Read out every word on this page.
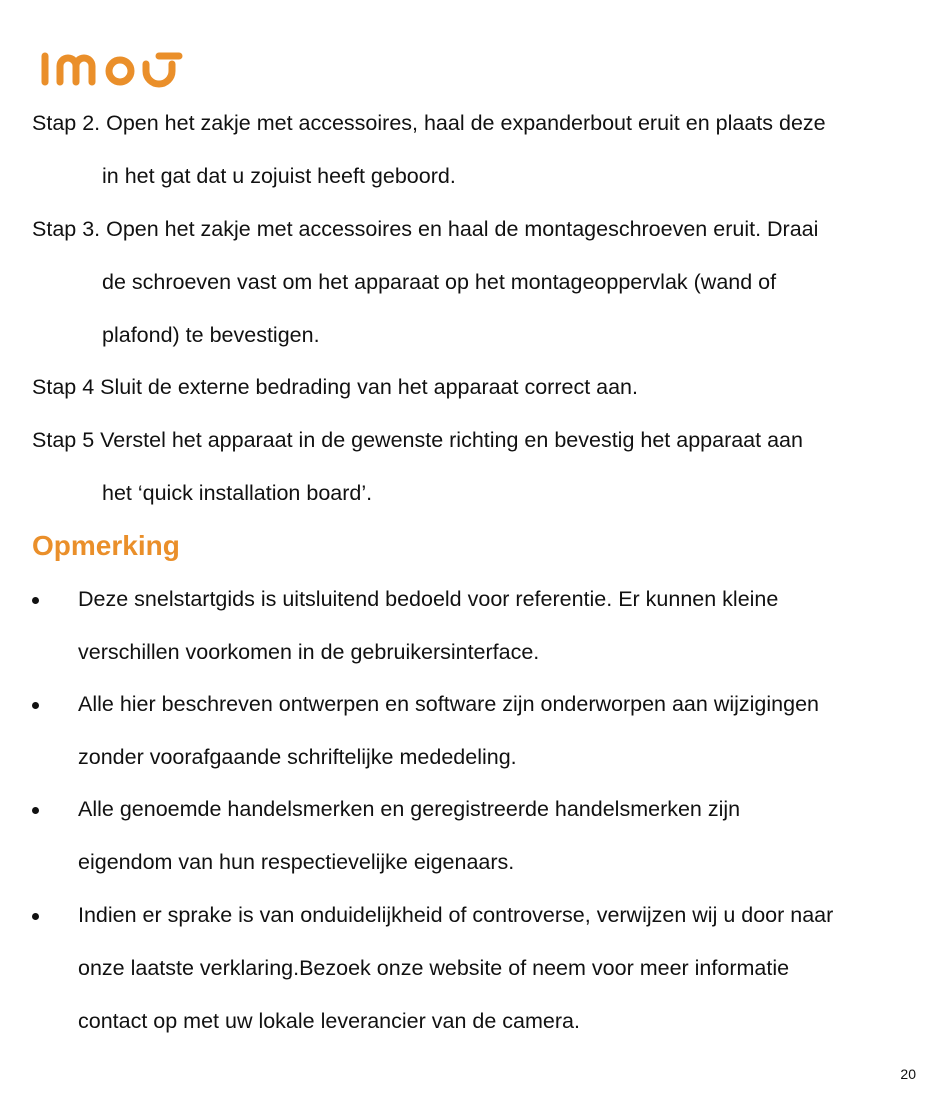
Stap 2. Open het zakje met accessoires, haal de expanderbout eruit en plaats deze
in het gat dat u zojuist heeft geboord.
Stap 3. Open het zakje met accessoires en haal de montageschroeven eruit. Draai
de schroeven vast om het apparaat op het montageoppervlak (wand of
plafond) te bevestigen.
Stap 4 Sluit de externe bedrading van het apparaat correct aan.
Stap 5 Verstel het apparaat in de gewenste richting en bevestig het apparaat aan
het ‘quick installation board’.
Opmerking
Deze snelstartgids is uitsluitend bedoeld voor referentie. Er kunnen kleine
verschillen voorkomen in de gebruikersinterface.
Alle hier beschreven ontwerpen en software zijn onderworpen aan wijzigingen
zonder voorafgaande schriftelijke mededeling.
Alle genoemde handelsmerken en geregistreerde handelsmerken zijn
eigendom van hun respectievelijke eigenaars.
Indien er sprake is van onduidelijkheid of controverse, verwijzen wij u door naar
onze laatste verklaring.Bezoek onze website of neem voor meer informatie
contact op met uw lokale leverancier van de camera.
20
